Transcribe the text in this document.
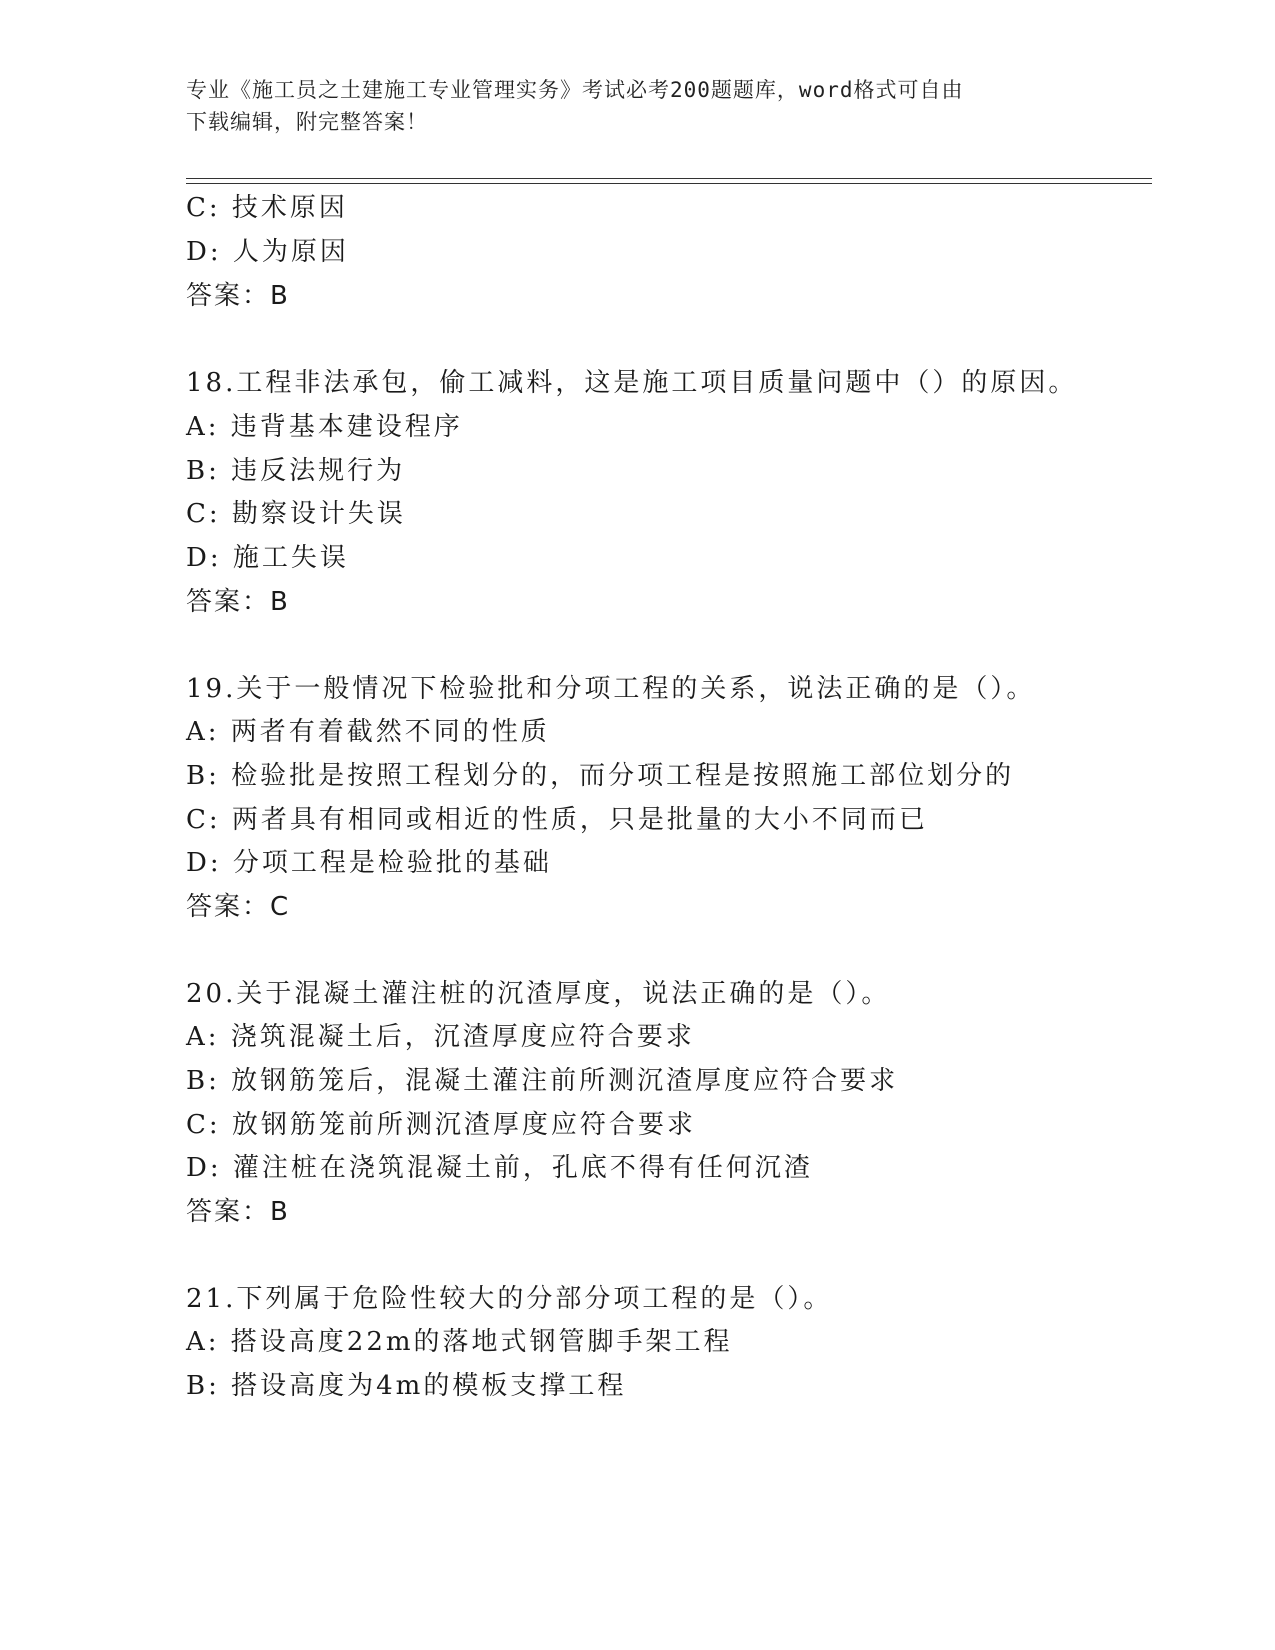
专业《施工员之土建施工专业管理实务》考试必考200题题库，word格式可自由
下载编辑，附完整答案！
C: 技术原因
D: 人为原因
答案：B
18.工程非法承包，偷工减料，这是施工项目质量问题中（）的原因。
A: 违背基本建设程序
B: 违反法规行为
C: 勘察设计失误
D: 施工失误
答案：B
19.关于一般情况下检验批和分项工程的关系，说法正确的是（）。
A: 两者有着截然不同的性质
B: 检验批是按照工程划分的，而分项工程是按照施工部位划分的
C: 两者具有相同或相近的性质，只是批量的大小不同而已
D: 分项工程是检验批的基础
答案：C
20.关于混凝土灌注桩的沉渣厚度，说法正确的是（）。
A: 浇筑混凝土后，沉渣厚度应符合要求
B: 放钢筋笼后，混凝土灌注前所测沉渣厚度应符合要求
C: 放钢筋笼前所测沉渣厚度应符合要求
D: 灌注桩在浇筑混凝土前，孔底不得有任何沉渣
答案：B
21.下列属于危险性较大的分部分项工程的是（）。
A: 搭设高度22m的落地式钢管脚手架工程
B: 搭设高度为4m的模板支撑工程
